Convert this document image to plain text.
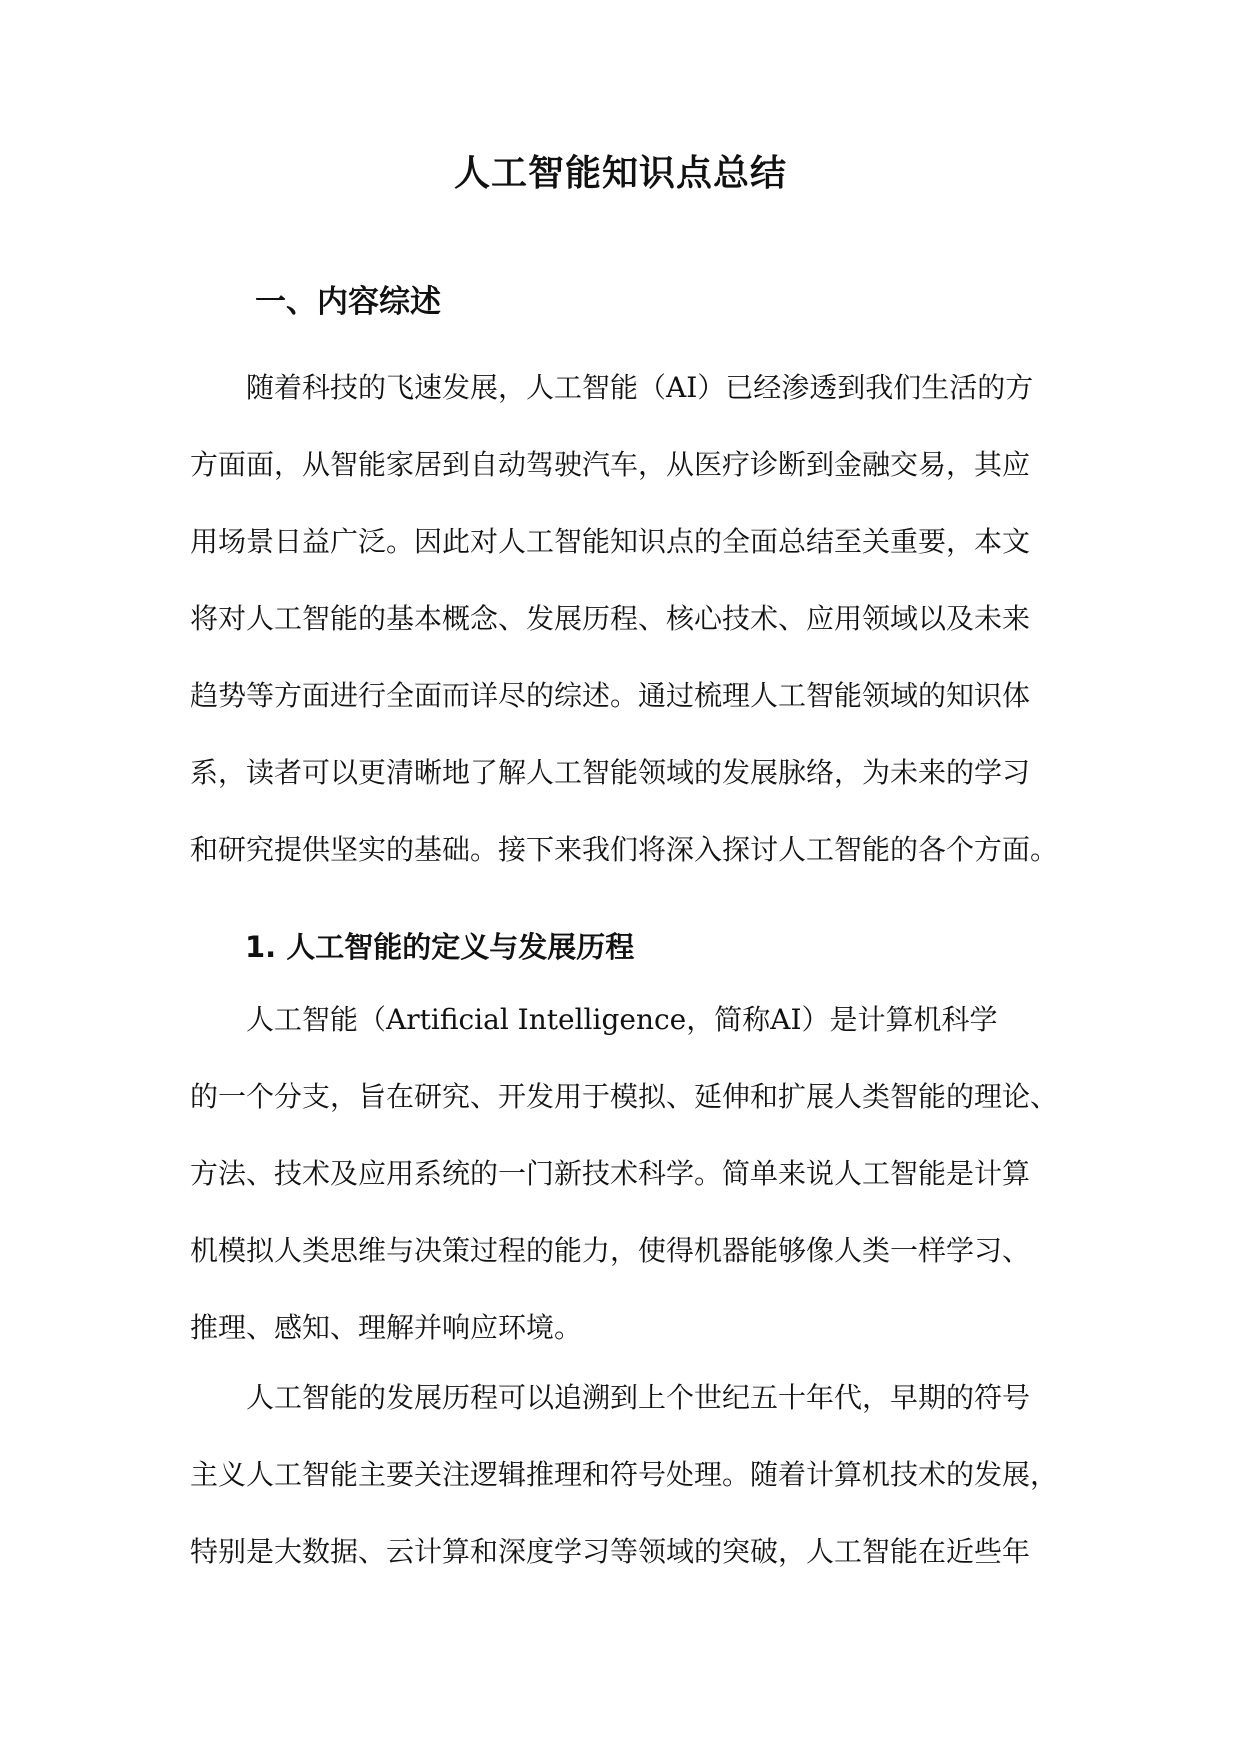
人工智能知识点总结
一、内容综述
随着科技的飞速发展，人工智能（AI）已经渗透到我们生活的方
方面面，从智能家居到自动驾驶汽车，从医疗诊断到金融交易，其应
用场景日益广泛。因此对人工智能知识点的全面总结至关重要，本文
将对人工智能的基本概念、发展历程、核心技术、应用领域以及未来
趋势等方面进行全面而详尽的综述。通过梳理人工智能领域的知识体
系，读者可以更清晰地了解人工智能领域的发展脉络，为未来的学习
和研究提供坚实的基础。接下来我们将深入探讨人工智能的各个方面。
1. 人工智能的定义与发展历程
人工智能（Artificial Intelligence，简称AI）是计算机科学
的一个分支，旨在研究、开发用于模拟、延伸和扩展人类智能的理论、
方法、技术及应用系统的一门新技术科学。简单来说人工智能是计算
机模拟人类思维与决策过程的能力，使得机器能够像人类一样学习、
推理、感知、理解并响应环境。
人工智能的发展历程可以追溯到上个世纪五十年代，早期的符号
主义人工智能主要关注逻辑推理和符号处理。随着计算机技术的发展，
特别是大数据、云计算和深度学习等领域的突破，人工智能在近些年
